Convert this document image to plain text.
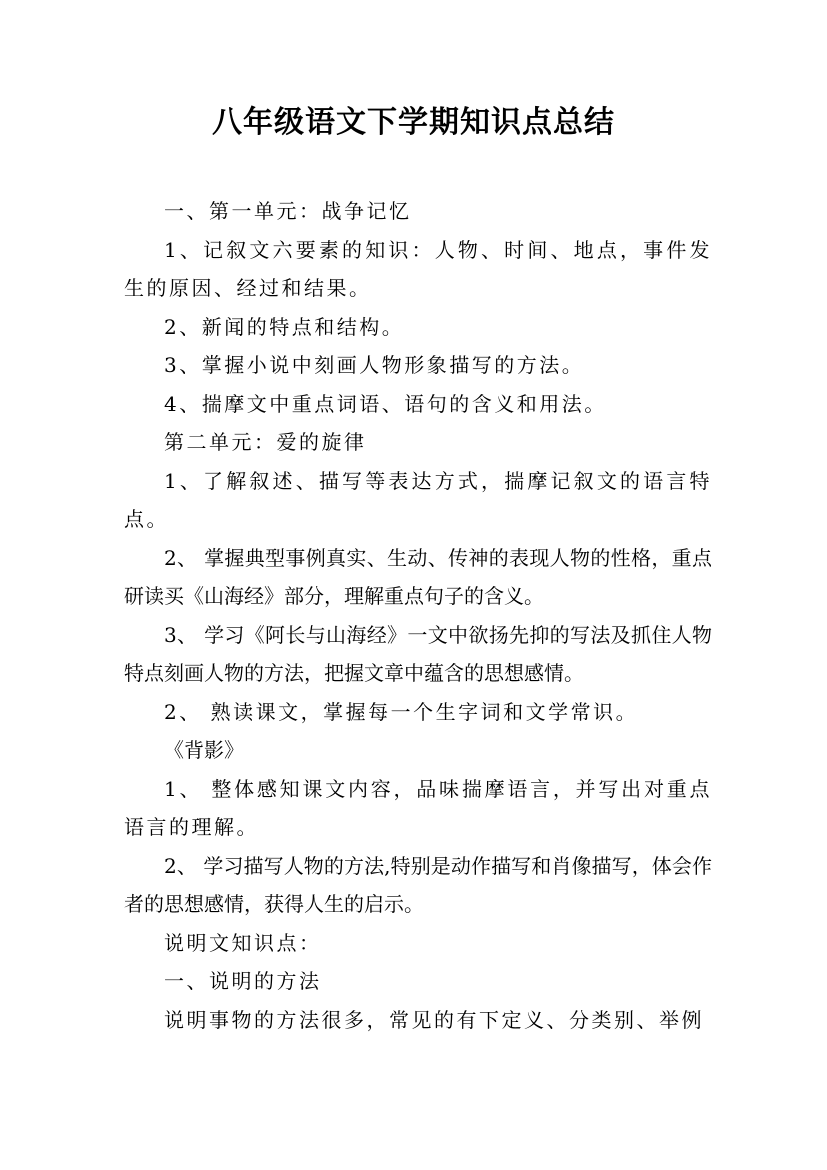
八年级语文下学期知识点总结

一、第一单元：战争记忆

1、记叙文六要素的知识：人物、时间、地点，事件发生的原因、经过和结果。

2、新闻的特点和结构。

3、掌握小说中刻画人物形象描写的方法。

4、揣摩文中重点词语、语句的含义和用法。

第二单元：爱的旋律

1、了解叙述、描写等表达方式，揣摩记叙文的语言特点。

2、 掌握典型事例真实、生动、传神的表现人物的性格，重点研读买《山海经》部分，理解重点句子的含义。

3、 学习《阿长与山海经》一文中欲扬先抑的写法及抓住人物特点刻画人物的方法，把握文章中蕴含的思想感情。

2、 熟读课文，掌握每一个生字词和文学常识。

《背影》

1、 整体感知课文内容，品味揣摩语言，并写出对重点语言的理解。

2、 学习描写人物的方法,特别是动作描写和肖像描写，体会作者的思想感情，获得人生的启示。

说明文知识点：

一、说明的方法

说明事物的方法很多，常见的有下定义、分类别、举例
